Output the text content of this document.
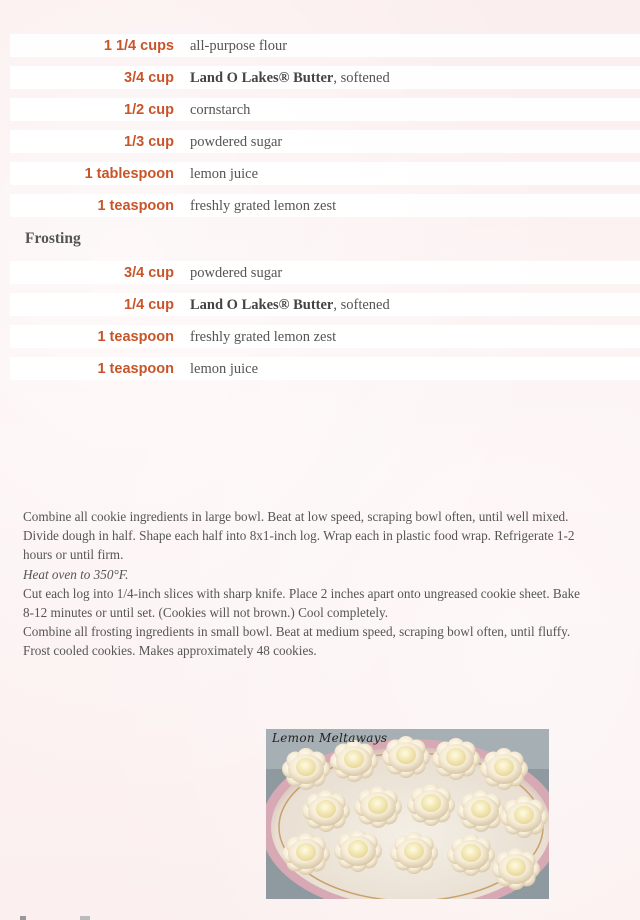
1 1/4 cups all-purpose flour
3/4 cup Land O Lakes® Butter, softened
1/2 cup cornstarch
1/3 cup powdered sugar
1 tablespoon lemon juice
1 teaspoon freshly grated lemon zest
Frosting
3/4 cup powdered sugar
1/4 cup Land O Lakes® Butter, softened
1 teaspoon freshly grated lemon zest
1 teaspoon lemon juice

Combine all cookie ingredients in large bowl. Beat at low speed, scraping bowl often, until well mixed.

Divide dough in half. Shape each half into 8x1-inch log. Wrap each in plastic food wrap. Refrigerate 1-2 hours or until firm.

Heat oven to 350°F.

Cut each log into 1/4-inch slices with sharp knife. Place 2 inches apart onto ungreased cookie sheet. Bake 8-12 minutes or until set. (Cookies will not brown.) Cool completely.

Combine all frosting ingredients in small bowl. Beat at medium speed, scraping bowl often, until fluffy. Frost cooled cookies. Makes approximately 48 cookies.

Lemon Meltaways
